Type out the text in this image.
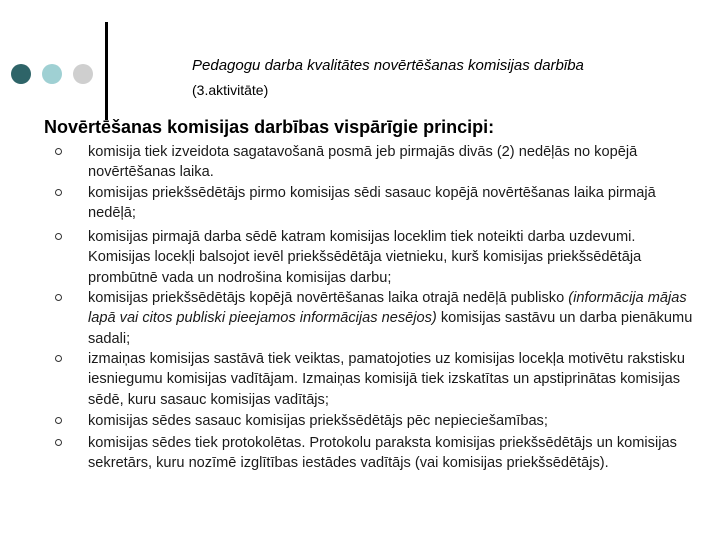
Pedagogu darba kvalitātes novērtēšanas komisijas darbība
(3.aktivitāte)
Novērtēšanas komisijas darbības vispārīgie principi:
komisija tiek izveidota sagatavošanā posmā jeb pirmajās divās (2) nedēļās no kopējā novērtēšanas laika.
komisijas priekšsēdētājs pirmo komisijas sēdi sasauc kopējā novērtēšanas laika pirmajā nedēļā;
komisijas pirmajā darba sēdē katram komisijas loceklim tiek noteikti darba uzdevumi. Komisijas locekļi balsojot ievēl priekšsēdētāja vietnieku, kurš komisijas priekšsēdētāja prombūtnē vada un nodrošina komisijas darbu;
komisijas priekšsēdētājs kopējā novērtēšanas laika otrajā nedēļā publisko (informācija mājas lapā vai citos publiski pieejamos informācijas nesējos) komisijas sastāvu un darba pienākumu sadali;
izmaiņas komisijas sastāvā tiek veiktas, pamatojoties uz komisijas locekļa motivētu rakstisku iesniegumu komisijas vadītājam. Izmaiņas komisijā tiek izskatītas un apstiprinātas komisijas sēdē, kuru sasauc komisijas vadītājs;
komisijas sēdes sasauc komisijas priekšsēdētājs pēc nepieciešamības;
komisijas sēdes tiek protokolētas. Protokolu paraksta komisijas priekšsēdētājs un komisijas sekretārs, kuru nozīmē izglītības iestādes vadītājs (vai komisijas priekšsēdētājs).
